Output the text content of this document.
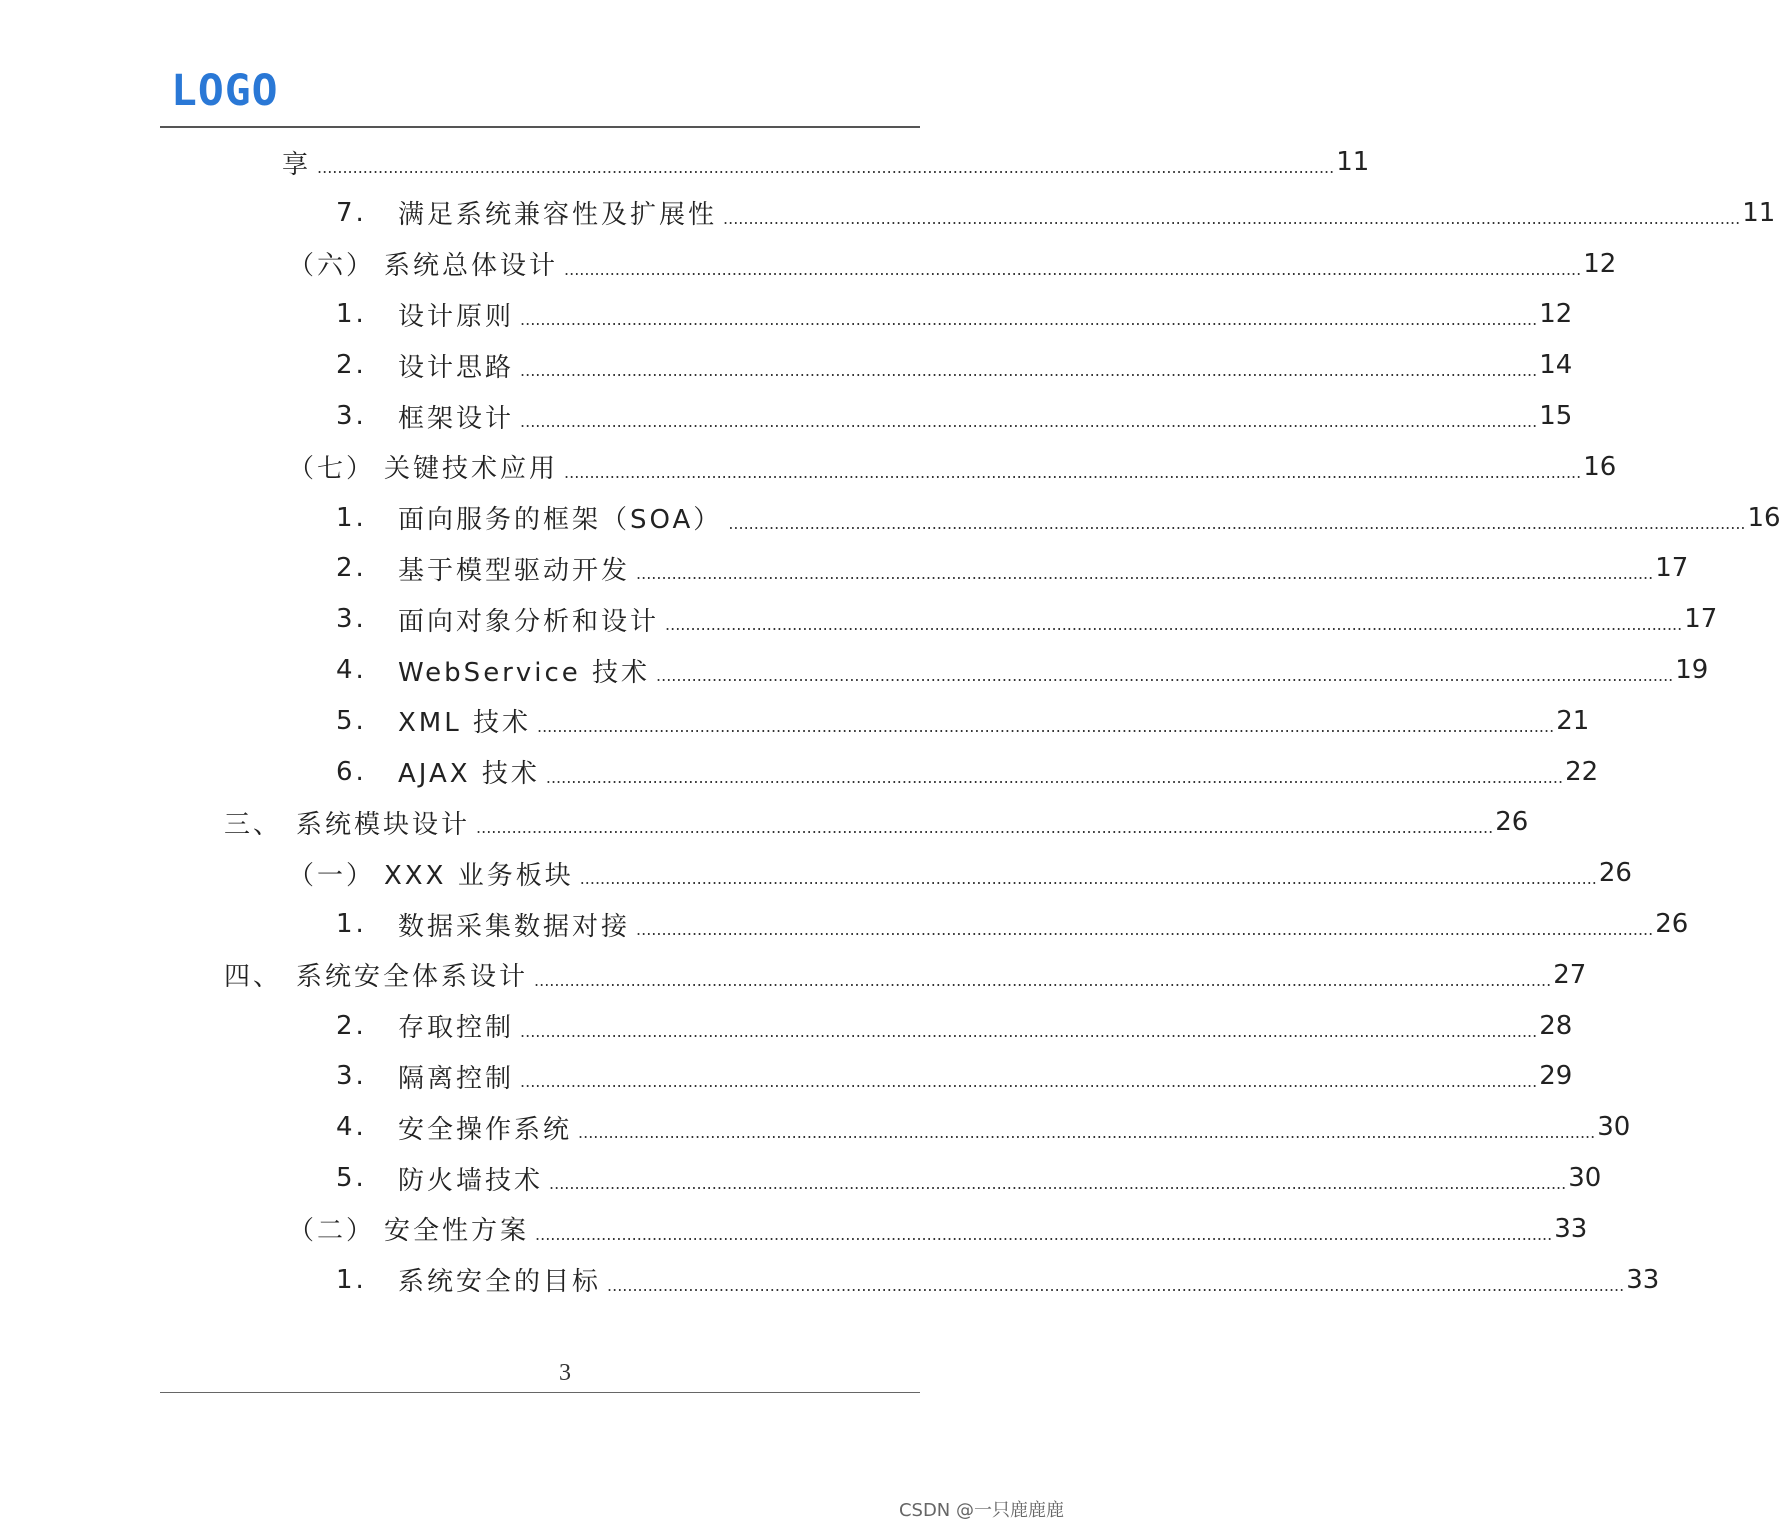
LOGO
享 ........................................................................................................................................................................................................ 11
7. 满足系统兼容性及扩展性 ........................................................................................................................................................................................................ 11
（六） 系统总体设计 ........................................................................................................................................................................................................ 12
1. 设计原则 ........................................................................................................................................................................................................ 12
2. 设计思路 ........................................................................................................................................................................................................ 14
3. 框架设计 ........................................................................................................................................................................................................ 15
（七） 关键技术应用 ........................................................................................................................................................................................................ 16
1. 面向服务的框架（SOA） ........................................................................................................................................................................................................ 16
2. 基于模型驱动开发 ........................................................................................................................................................................................................ 17
3. 面向对象分析和设计 ........................................................................................................................................................................................................ 17
4. WebService 技术 ........................................................................................................................................................................................................ 19
5. XML 技术 ........................................................................................................................................................................................................ 21
6. AJAX 技术 ........................................................................................................................................................................................................ 22
三、 系统模块设计 ........................................................................................................................................................................................................ 26
（一） XXX 业务板块 ........................................................................................................................................................................................................ 26
1. 数据采集数据对接 ........................................................................................................................................................................................................ 26
四、 系统安全体系设计 ........................................................................................................................................................................................................ 27
2. 存取控制 ........................................................................................................................................................................................................ 28
3. 隔离控制 ........................................................................................................................................................................................................ 29
4. 安全操作系统 ........................................................................................................................................................................................................ 30
5. 防火墙技术 ........................................................................................................................................................................................................ 30
（二） 安全性方案 ........................................................................................................................................................................................................ 33
1. 系统安全的目标 ........................................................................................................................................................................................................ 33
3
CSDN @一只鹿鹿鹿
